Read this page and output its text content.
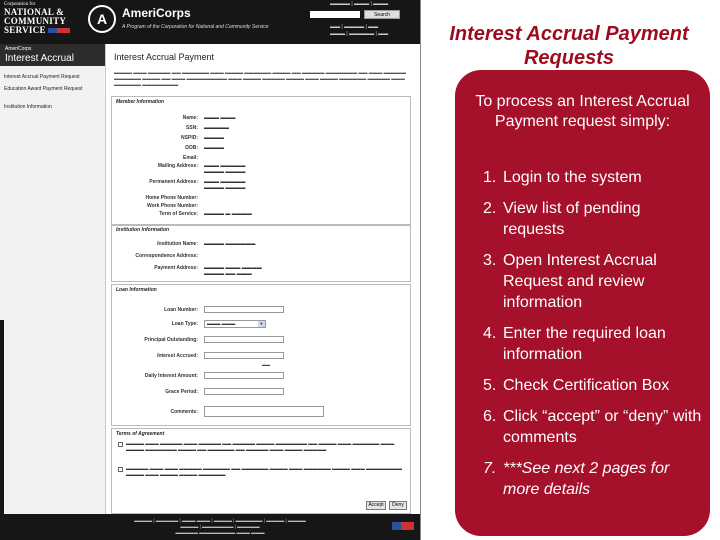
Corporation for
NATIONAL &
COMMUNITY
SERVICE
A	AmeriCorps
A Program of the Corporation for National and Community Service
▬▬▬▬ | ▬▬▬ | ▬▬▬
Search
▬▬ | ▬▬▬▬ | ▬▬
▬▬▬ | ▬▬▬▬▬ | ▬▬
AmeriCorps
Interest Accrual
Interest Accrual Payment Request
Education Award Payment Request
Institution Information
Interest Accrual Payment
▬▬▬▬ ▬▬▬ ▬▬▬▬▬ ▬▬ ▬▬▬▬▬▬ ▬▬▬ ▬▬▬▬ ▬▬▬▬▬▬ ▬▬▬▬ ▬▬ ▬▬▬▬▬ ▬▬▬▬▬▬▬ ▬▬ ▬▬▬ ▬▬▬▬▬ ▬▬▬▬▬▬ ▬▬▬▬ ▬▬ ▬▬▬ ▬▬▬▬▬▬▬▬▬ ▬▬▬ ▬▬▬▬ ▬▬▬▬▬ ▬▬▬▬ ▬▬▬ ▬▬▬▬ ▬▬▬▬▬▬ ▬▬▬▬▬ ▬▬▬ ▬▬▬▬▬▬ ▬▬▬▬▬▬▬▬
Member Information
Name: ▬▬▬ ▬▬▬
SSN: ▬▬▬▬▬
NSPID: ▬▬▬▬
DOB: ▬▬▬▬
Email:
Mailing Address: ▬▬▬ ▬▬▬▬▬
▬▬▬▬ ▬▬▬▬
Permanent Address: ▬▬▬ ▬▬▬▬▬
▬▬▬▬ ▬▬▬▬
Home Phone Number:
Work Phone Number:
Term of Service: ▬▬▬▬ ▬ ▬▬▬▬
Institution Information
Institution Name: ▬▬▬▬ ▬▬▬▬▬▬
Correspondence Address:
Payment Address: ▬▬▬▬ ▬▬▬ ▬▬▬▬
▬▬▬▬ ▬▬ ▬▬▬
Loan Information
Loan Number:
Loan Type:	▬▬▬ ▬▬▬	▼
Principal Outstanding:
Interest Accrued:
▬▬
Daily Interest Amount:
Grace Period:
Comments:
Terms of Agreement
▬▬▬▬ ▬▬▬ ▬▬▬▬▬ ▬▬▬ ▬▬▬▬▬ ▬▬ ▬▬▬▬▬ ▬▬▬▬ ▬▬▬▬▬▬▬ ▬▬ ▬▬▬▬ ▬▬▬ ▬▬▬▬▬▬ ▬▬▬ ▬▬▬▬ ▬▬▬▬▬▬▬ ▬▬▬▬ ▬▬ ▬▬▬▬▬▬ ▬▬ ▬▬▬▬▬ ▬▬▬ ▬▬▬▬ ▬▬▬▬▬
▬▬▬▬▬ ▬▬▬ ▬▬▬ ▬▬▬▬▬ ▬▬▬▬▬▬ ▬▬ ▬▬▬▬▬▬ ▬▬▬▬ ▬▬▬ ▬▬▬▬▬▬ ▬▬▬▬ ▬▬▬ ▬▬▬▬▬▬▬▬ ▬▬▬▬ ▬▬▬ ▬▬▬▬ ▬▬▬▬ ▬▬▬▬▬▬
Accept	Deny
▬▬▬▬ | ▬▬▬▬▬ | ▬▬▬ ▬▬▬ | ▬▬▬▬ | ▬▬▬▬▬▬ | ▬▬▬▬ | ▬▬▬▬
▬▬▬▬ | ▬▬▬▬▬▬▬ | ▬▬▬▬▬
▬▬▬▬▬ ▬▬▬▬▬▬▬▬ ▬▬▬ ▬▬▬
Interest Accrual Payment Requests
To process an Interest Accrual Payment request simply:
1. Login to the system
2. View list of pending requests
3. Open Interest Accrual Request and review information
4. Enter the required loan information
5. Check Certification Box
6. Click “accept” or “deny” with comments
7. ***See next 2 pages for more details
